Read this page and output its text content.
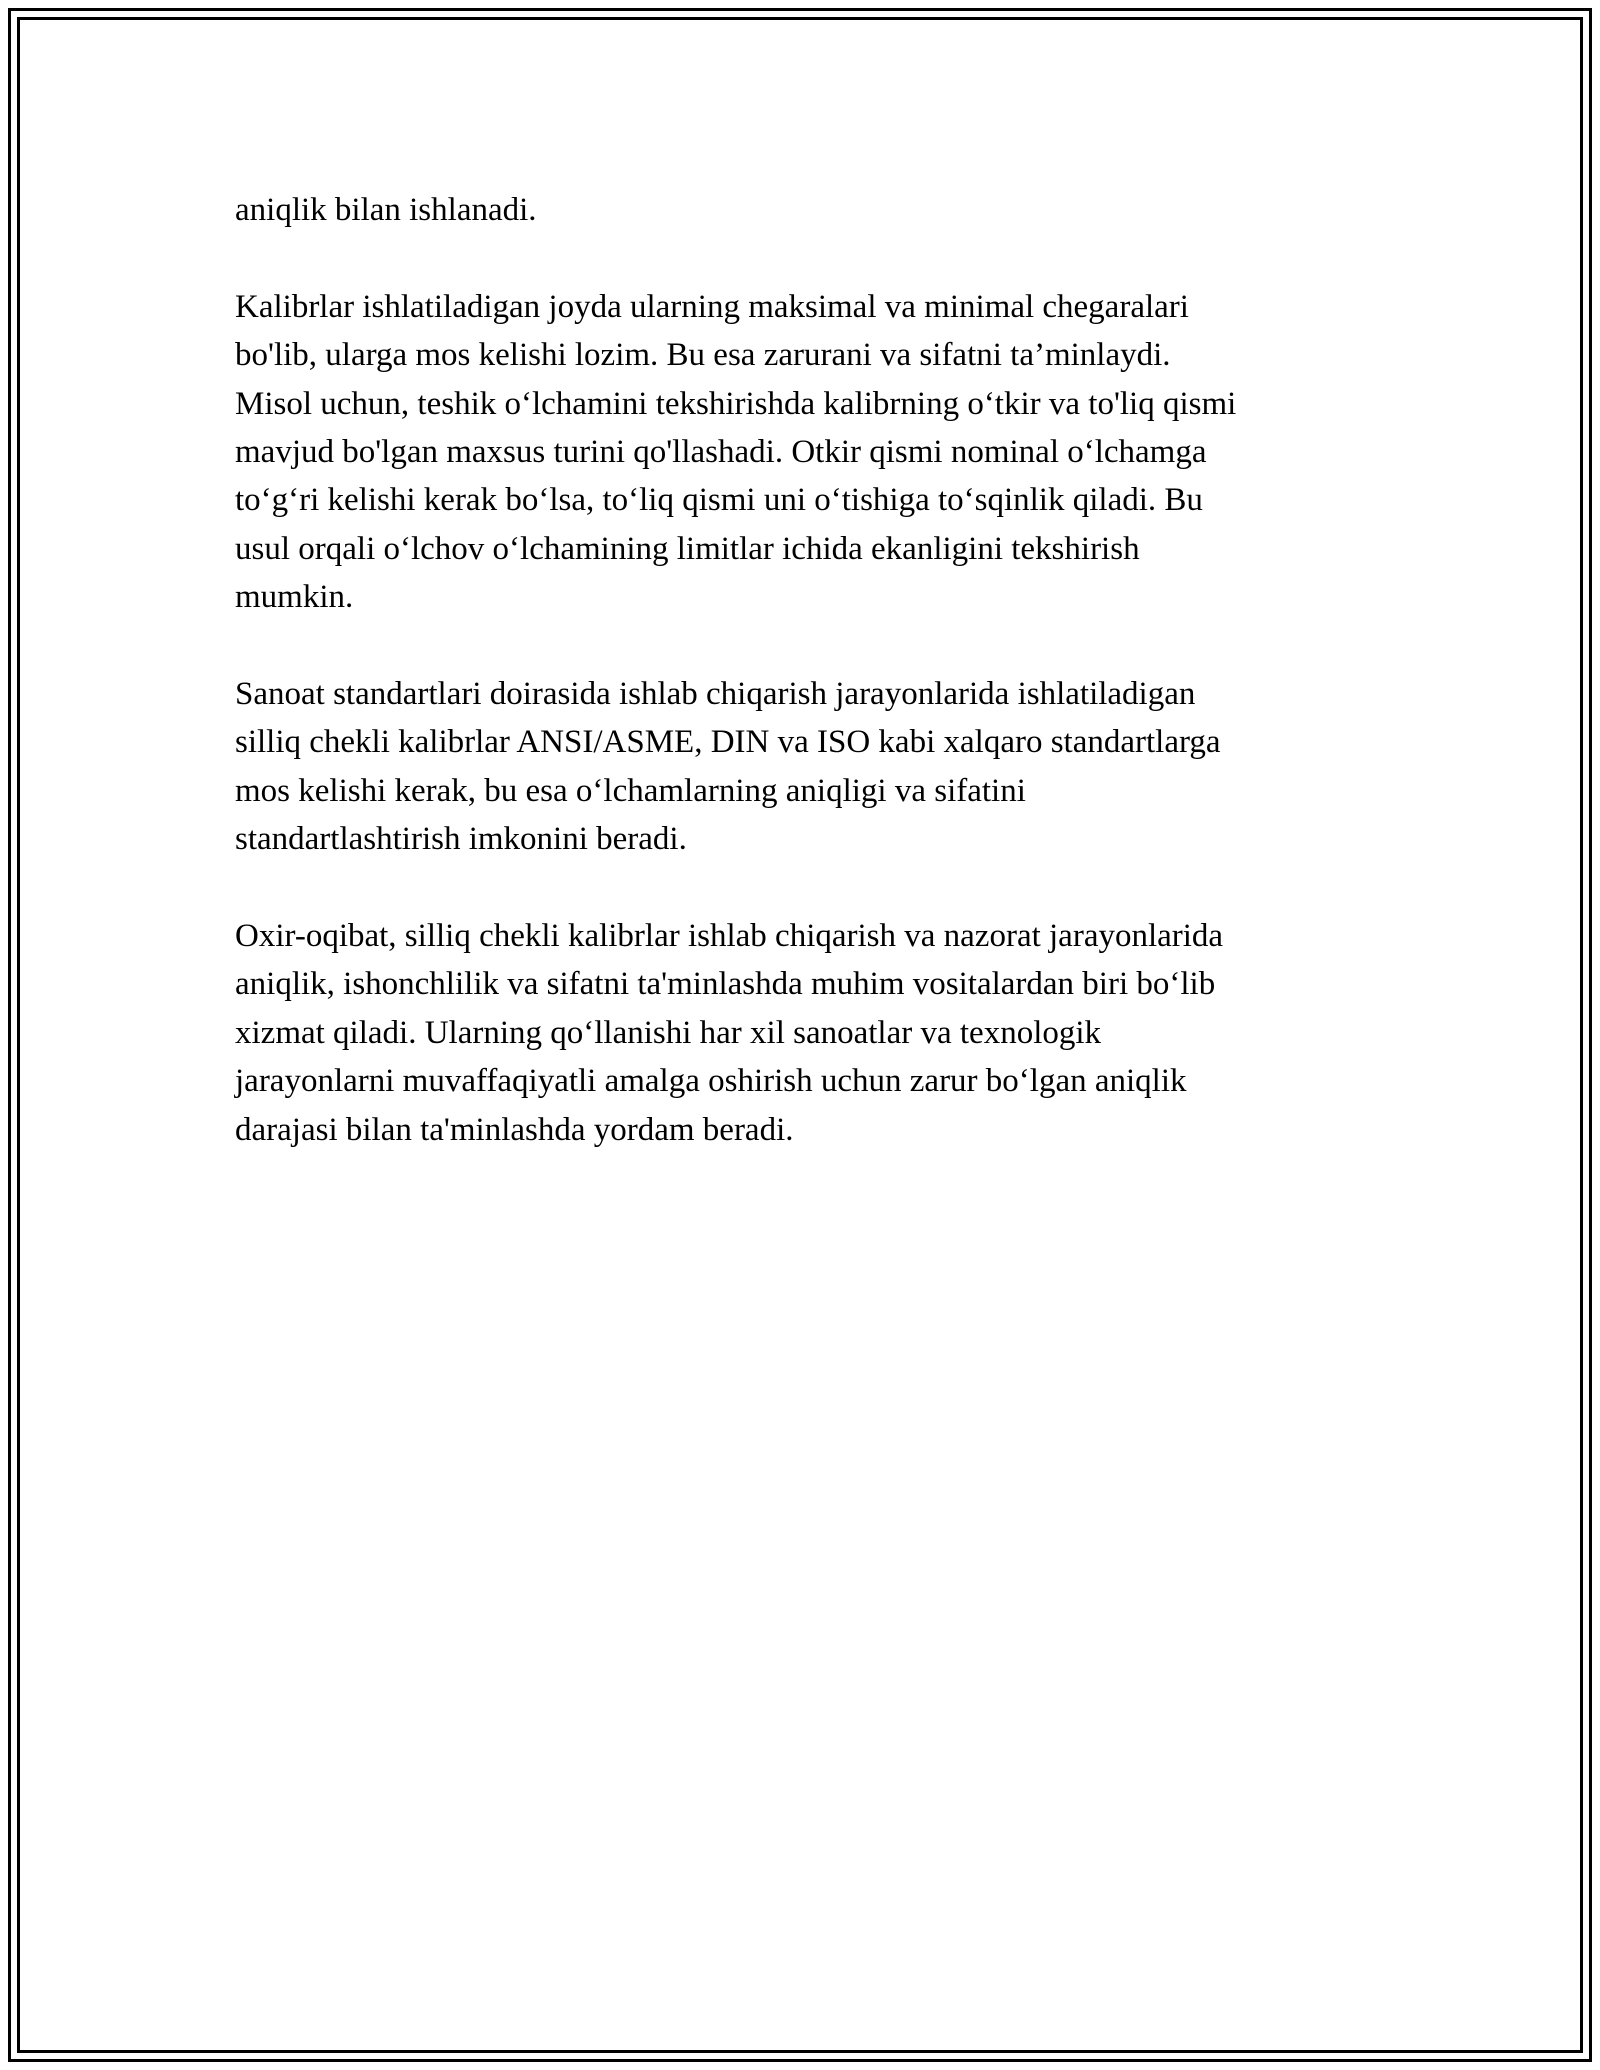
aniqlik bilan ishlanadi.

Kalibrlar ishlatiladigan joyda ularning maksimal va minimal chegaralari
bo'lib, ularga mos kelishi lozim. Bu esa zarurani va sifatni ta’minlaydi.
Misol uchun, teshik o‘lchamini tekshirishda kalibrning o‘tkir va to'liq qismi
mavjud bo'lgan maxsus turini qo'llashadi. Otkir qismi nominal o‘lchamga
to‘g‘ri kelishi kerak bo‘lsa, to‘liq qismi uni o‘tishiga to‘sqinlik qiladi. Bu
usul orqali o‘lchov o‘lchamining limitlar ichida ekanligini tekshirish
mumkin.

Sanoat standartlari doirasida ishlab chiqarish jarayonlarida ishlatiladigan
silliq chekli kalibrlar ANSI/ASME, DIN va ISO kabi xalqaro standartlarga
mos kelishi kerak, bu esa o‘lchamlarning aniqligi va sifatini
standartlashtirish imkonini beradi.

Oxir-oqibat, silliq chekli kalibrlar ishlab chiqarish va nazorat jarayonlarida
aniqlik, ishonchlilik va sifatni ta'minlashda muhim vositalardan biri bo‘lib
xizmat qiladi. Ularning qo‘llanishi har xil sanoatlar va texnologik
jarayonlarni muvaffaqiyatli amalga oshirish uchun zarur bo‘lgan aniqlik
darajasi bilan ta'minlashda yordam beradi.
